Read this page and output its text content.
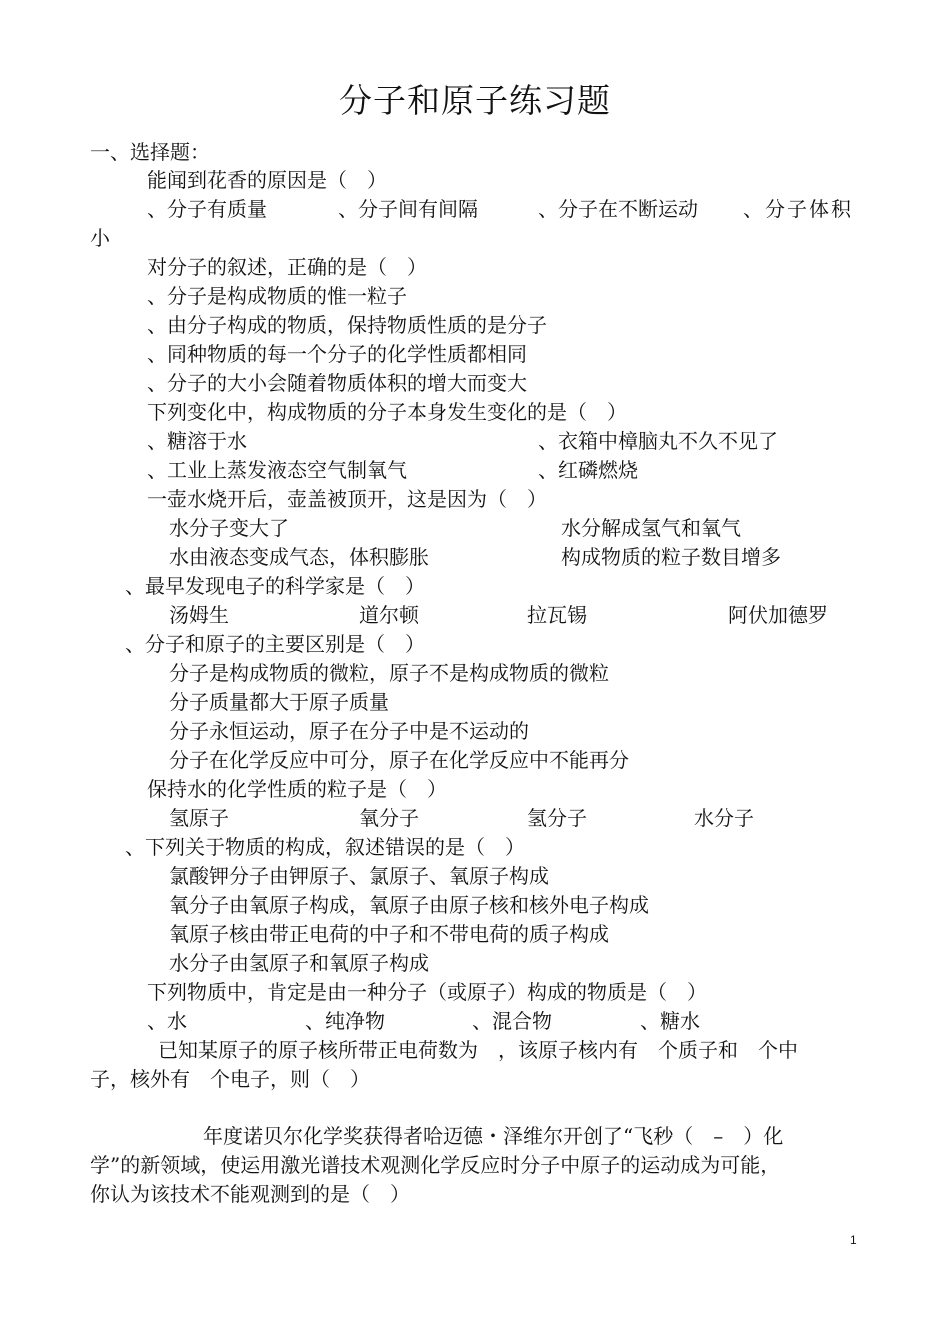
分子和原子练习题
一、选择题：
能闻到花香的原因是（　）
、分子有质量	、分子间有间隔	、分子在不断运动 、分子体积
小
对分子的叙述，正确的是（　）
、分子是构成物质的惟一粒子
、由分子构成的物质，保持物质性质的是分子
、同种物质的每一个分子的化学性质都相同
、分子的大小会随着物质体积的增大而变大
下列变化中，构成物质的分子本身发生变化的是（　）
、糖溶于水	、衣箱中樟脑丸不久不见了
、工业上蒸发液态空气制氧气	、红磷燃烧
一壶水烧开后，壶盖被顶开，这是因为（　）
水分子变大了	水分解成氢气和氧气
水由液态变成气态，体积膨胀	构成物质的粒子数目增多
、最早发现电子的科学家是（　）
汤姆生	道尔顿	拉瓦锡	阿伏加德罗
、分子和原子的主要区别是（　）
分子是构成物质的微粒，原子不是构成物质的微粒
分子质量都大于原子质量
分子永恒运动，原子在分子中是不运动的
分子在化学反应中可分，原子在化学反应中不能再分
保持水的化学性质的粒子是（　）
氢原子	氧分子	氢分子	水分子
、下列关于物质的构成，叙述错误的是（　）
氯酸钾分子由钾原子、氯原子、氧原子构成
氧分子由氧原子构成，氧原子由原子核和核外电子构成
氧原子核由带正电荷的中子和不带电荷的质子构成
水分子由氢原子和氧原子构成
下列物质中，肯定是由一种分子（或原子）构成的物质是（　）
、水	、纯净物	、混合物	、糖水
已知某原子的原子核所带正电荷数为　，该原子核内有　个质子和　个中
子，核外有　个电子，则（　）
年度诺贝尔化学奖获得者哈迈德・泽维尔开创了“飞秒（　–　）化
学”的新领域，使运用激光谱技术观测化学反应时分子中原子的运动成为可能，
你认为该技术不能观测到的是（　）
1
